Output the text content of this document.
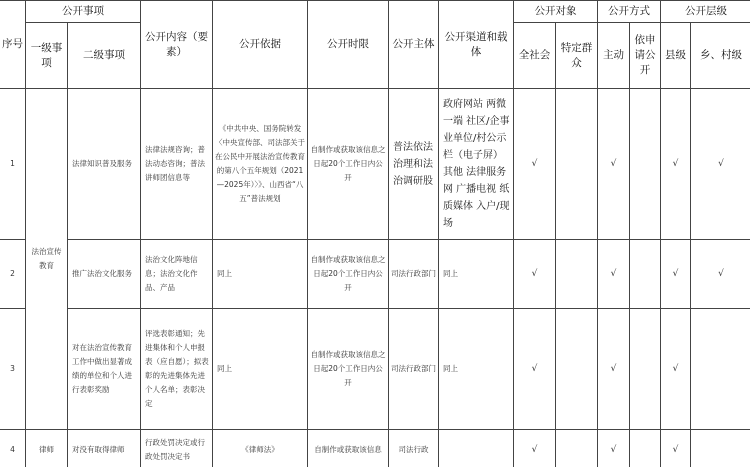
序号	公开事项		公开内容（要素）	公开依据	公开时限	公开主体	公开渠道和载体	公开对象		公开方式		公开层级	
	一级事项	二级事项						全社会	特定群众	主动	依申请公开	县级	乡、村级
1	法治宣传教育	法律知识普及服务	法律法规咨询；普法动态咨询；普法讲师团信息等	《中共中央、国务院转发〈中央宣传部、司法部关于在公民中开展法治宣传教育的第八个五年规划（2021—2025年）〉》、山西省“八五”普法规划	自制作或获取该信息之日起20个工作日内公开	普法依法治理和法治调研股	政府网站 两微一端 社区/企事业单位/村公示栏（电子屏）其他 法律服务网 广播电视 纸质媒体 入户/现场	√		√		√	√
2		推广法治文化服务	法治文化阵地信息；法治文化作品、产品	同上	自制作或获取该信息之日起20个工作日内公开	司法行政部门	同上	√		√		√	√
3		对在法治宣传教育工作中做出显著成绩的单位和个人进行表彰奖励	评选表彰通知；先进集体和个人申报表（应自愿）；拟表彰的先进集体先进个人名单；表彰决定	同上	自制作或获取该信息之日起20个工作日内公开	司法行政部门	同上	√		√		√	
4	律师	对没有取得律师	行政处罚决定或行政处罚决定书	《律师法》	自制作或获取该信息	司法行政		√		√		√	
